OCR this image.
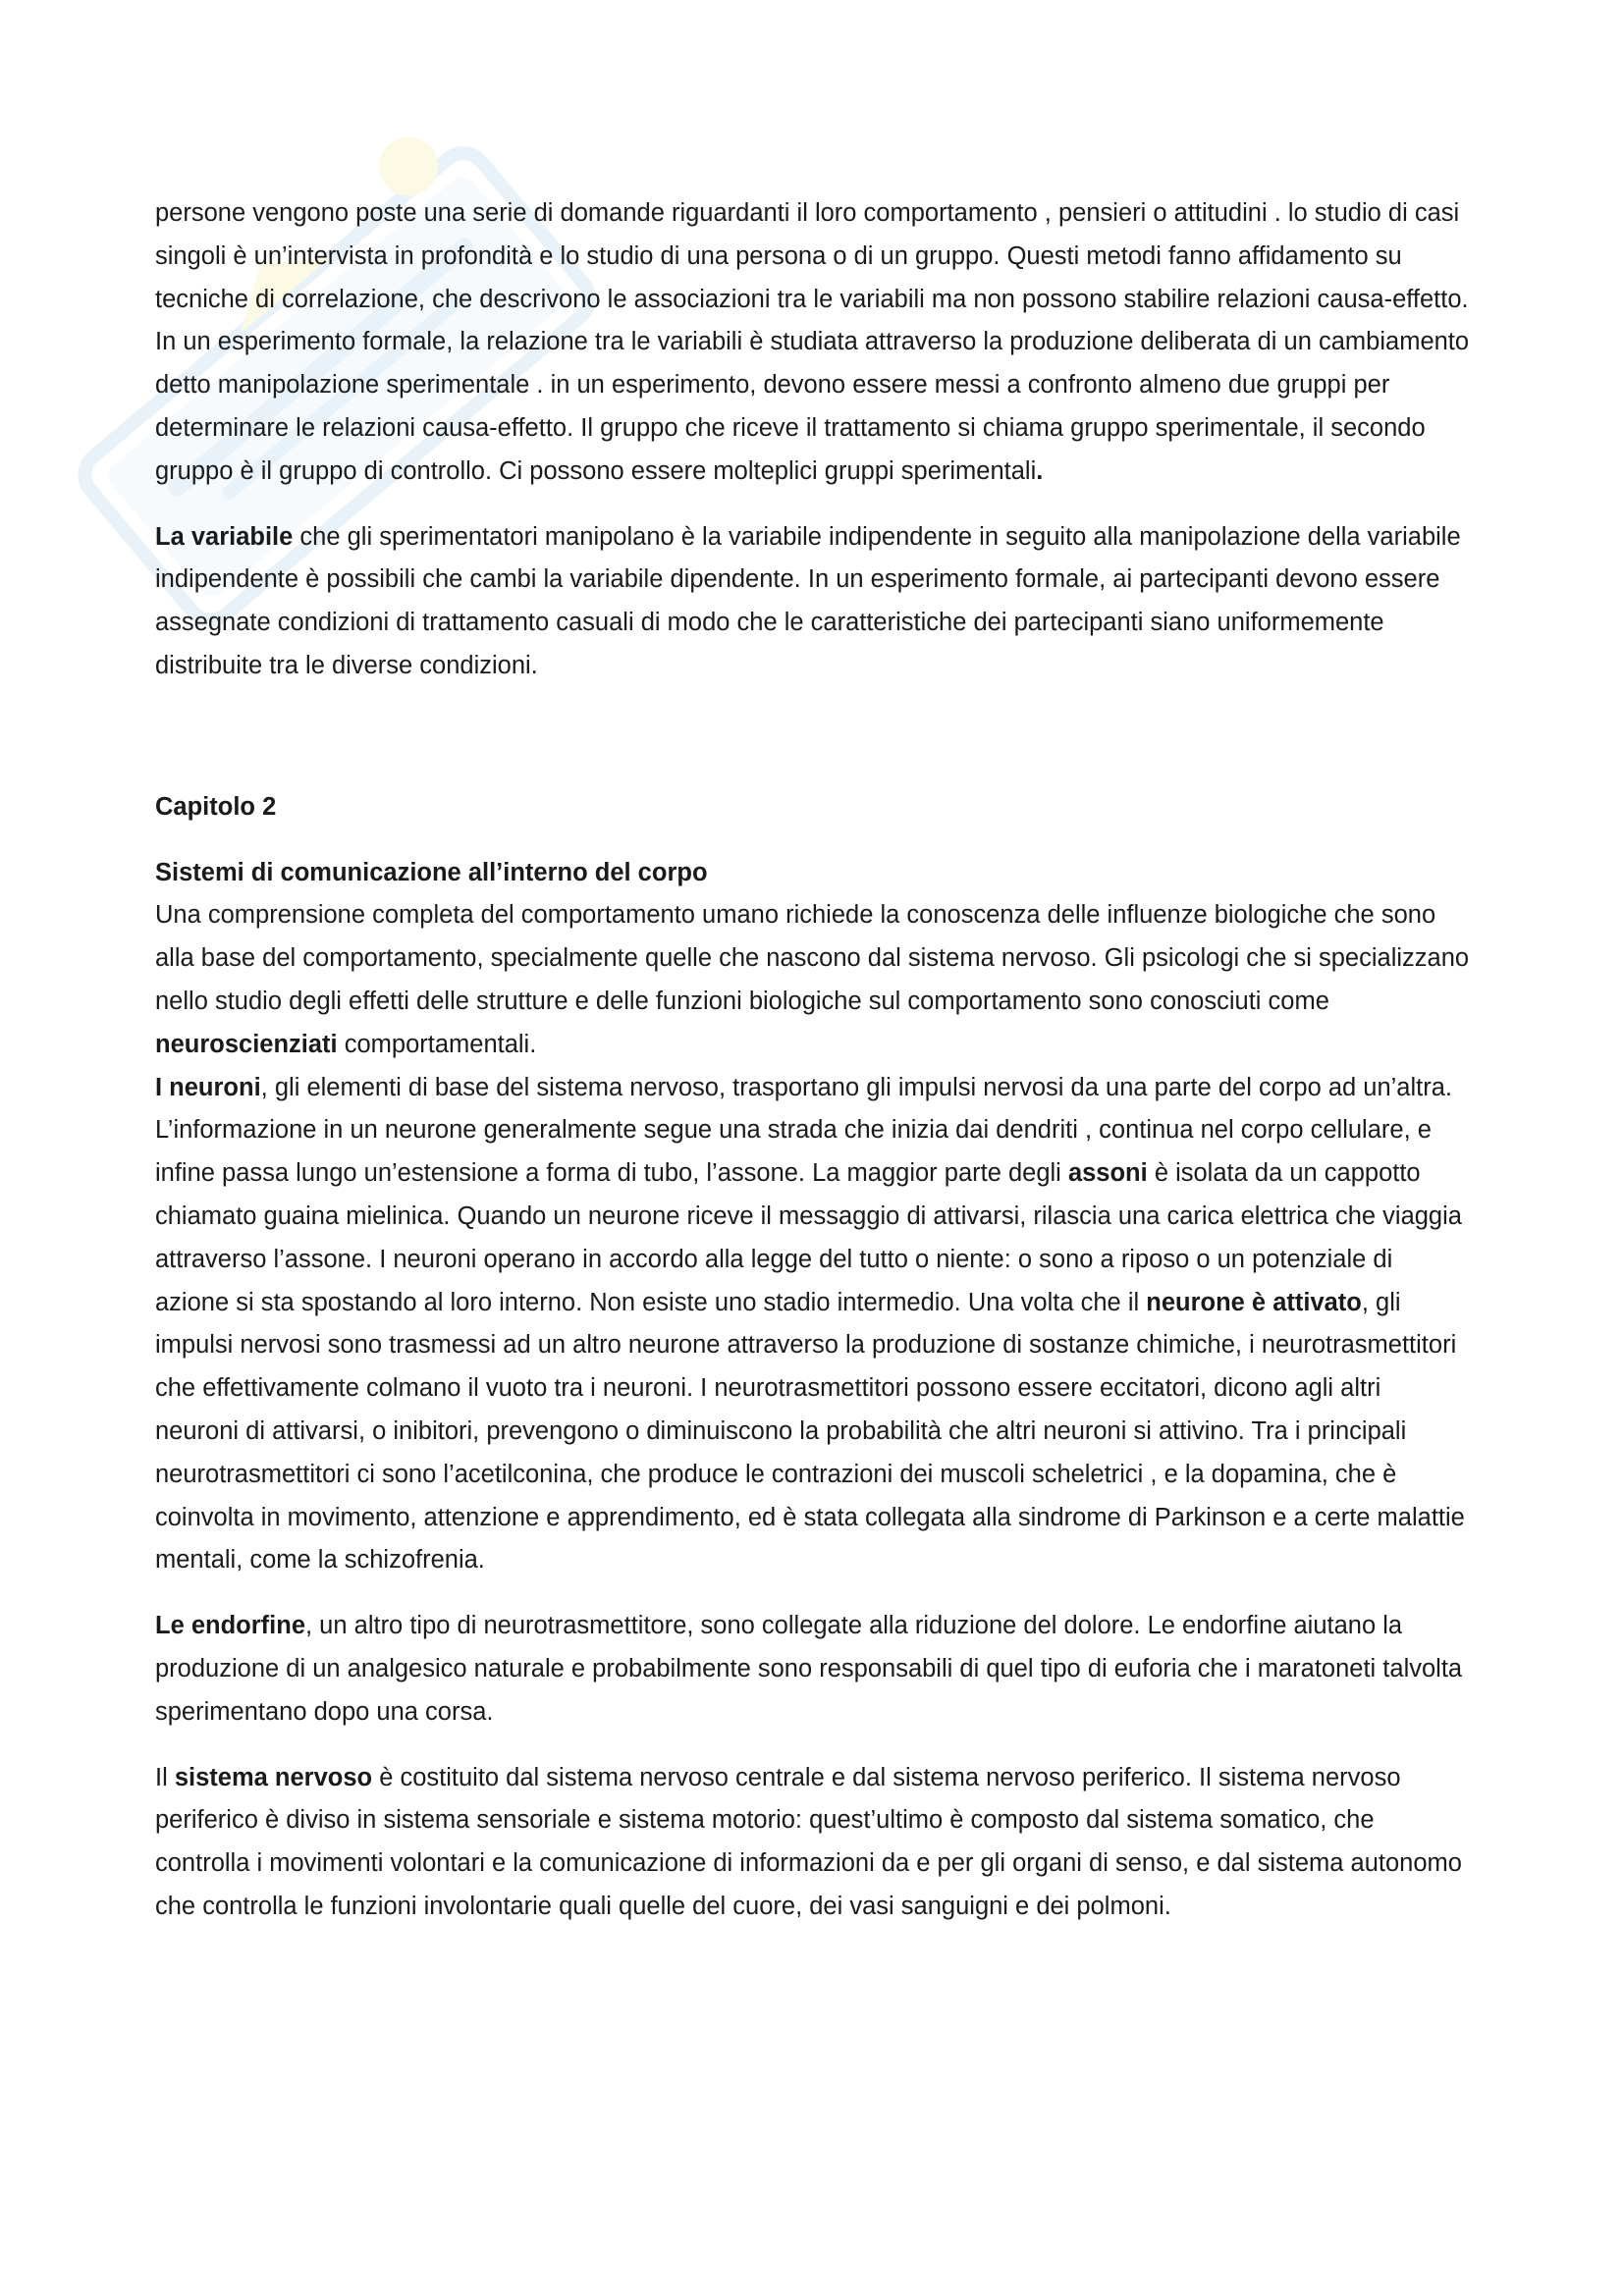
persone vengono poste una serie di domande riguardanti il loro comportamento , pensieri o attitudini . lo studio di casi singoli è un’intervista in profondità e lo studio di una persona o di un gruppo. Questi metodi fanno affidamento su tecniche di correlazione, che descrivono le associazioni tra le variabili ma non possono stabilire relazioni causa-effetto. In un esperimento formale, la relazione tra le variabili è studiata attraverso la produzione deliberata di un cambiamento detto manipolazione sperimentale . in un esperimento, devono essere messi a confronto almeno due gruppi per determinare le relazioni causa-effetto. Il gruppo che riceve il trattamento si chiama gruppo sperimentale, il secondo gruppo è il gruppo di controllo. Ci possono essere molteplici gruppi sperimentali.

La variabile che gli sperimentatori manipolano è la variabile indipendente in seguito alla manipolazione della variabile indipendente è possibili che cambi la variabile dipendente. In un esperimento formale, ai partecipanti devono essere assegnate condizioni di trattamento casuali di modo che le caratteristiche dei partecipanti siano uniformemente distribuite tra le diverse condizioni.

Capitolo 2

Sistemi di comunicazione all’interno del corpo

Una comprensione completa del comportamento umano richiede la conoscenza delle influenze biologiche che sono alla base del comportamento, specialmente quelle che nascono dal sistema nervoso. Gli psicologi che si specializzano nello studio degli effetti delle strutture e delle funzioni biologiche sul comportamento sono conosciuti come neuroscienziati comportamentali.

I neuroni, gli elementi di base del sistema nervoso, trasportano gli impulsi nervosi da una parte del corpo ad un’altra. L’informazione in un neurone generalmente segue una strada che inizia dai dendriti , continua nel corpo cellulare, e infine passa lungo un’estensione a forma di tubo, l’assone. La maggior parte degli assoni è isolata da un cappotto chiamato guaina mielinica. Quando un neurone riceve il messaggio di attivarsi, rilascia una carica elettrica che viaggia attraverso l’assone. I neuroni operano in accordo alla legge del tutto o niente: o sono a riposo o un potenziale di azione si sta spostando al loro interno. Non esiste uno stadio intermedio. Una volta che il neurone è attivato, gli impulsi nervosi sono trasmessi ad un altro neurone attraverso la produzione di sostanze chimiche, i neurotrasmettitori che effettivamente colmano il vuoto tra i neuroni. I neurotrasmettitori possono essere eccitatori, dicono agli altri neuroni di attivarsi, o inibitori, prevengono o diminuiscono la probabilità che altri neuroni si attivino. Tra i principali neurotrasmettitori ci sono l’acetilconina, che produce le contrazioni dei muscoli scheletrici , e la dopamina, che è coinvolta in movimento, attenzione e apprendimento, ed è stata collegata alla sindrome di Parkinson e a certe malattie mentali, come la schizofrenia.

Le endorfine, un altro tipo di neurotrasmettitore, sono collegate alla riduzione del dolore. Le endorfine aiutano la produzione di un analgesico naturale e probabilmente sono responsabili di quel tipo di euforia che i maratoneti talvolta sperimentano dopo una corsa.

Il sistema nervoso è costituito dal sistema nervoso centrale e dal sistema nervoso periferico. Il sistema nervoso periferico è diviso in sistema sensoriale e sistema motorio: quest’ultimo è composto dal sistema somatico, che controlla i movimenti volontari e la comunicazione di informazioni da e per gli organi di senso, e dal sistema autonomo che controlla le funzioni involontarie quali quelle del cuore, dei vasi sanguigni e dei polmoni.
